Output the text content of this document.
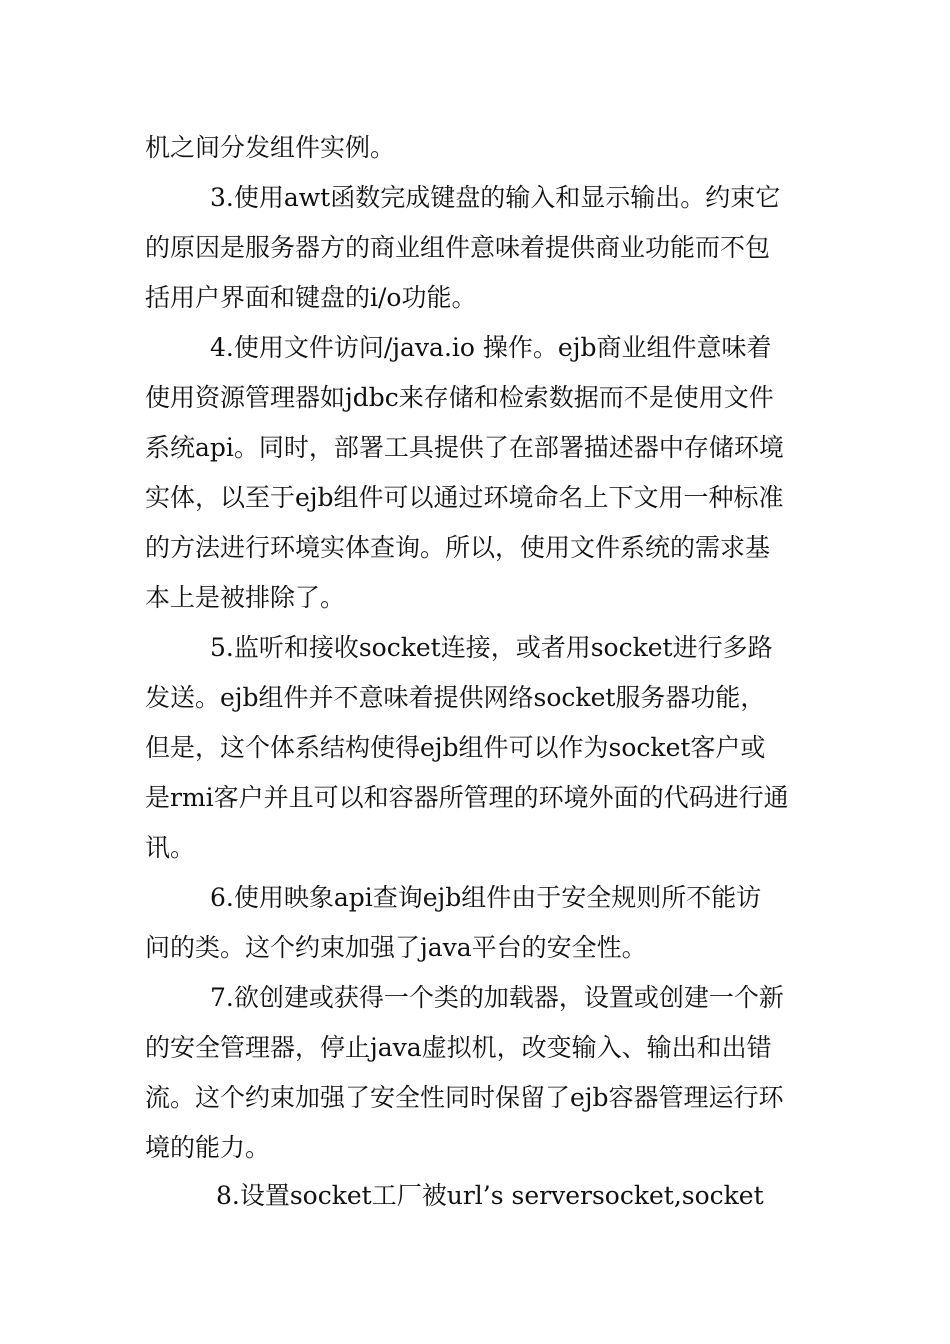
机之间分发组件实例。
3.使用awt函数完成键盘的输入和显示输出。约束它
的原因是服务器方的商业组件意味着提供商业功能而不包
括用户界面和键盘的i/o功能。
4.使用文件访问/java.io 操作。ejb商业组件意味着
使用资源管理器如jdbc来存储和检索数据而不是使用文件
系统api。同时，部署工具提供了在部署描述器中存储环境
实体，以至于ejb组件可以通过环境命名上下文用一种标准
的方法进行环境实体查询。所以，使用文件系统的需求基
本上是被排除了。
5.监听和接收socket连接，或者用socket进行多路
发送。ejb组件并不意味着提供网络socket服务器功能，
但是，这个体系结构使得ejb组件可以作为socket客户或
是rmi客户并且可以和容器所管理的环境外面的代码进行通
讯。
6.使用映象api查询ejb组件由于安全规则所不能访
问的类。这个约束加强了java平台的安全性。
7.欲创建或获得一个类的加载器，设置或创建一个新
的安全管理器，停止java虚拟机，改变输入、输出和出错
流。这个约束加强了安全性同时保留了ejb容器管理运行环
境的能力。
8.设置socket工厂被url’s serversocket,socket
